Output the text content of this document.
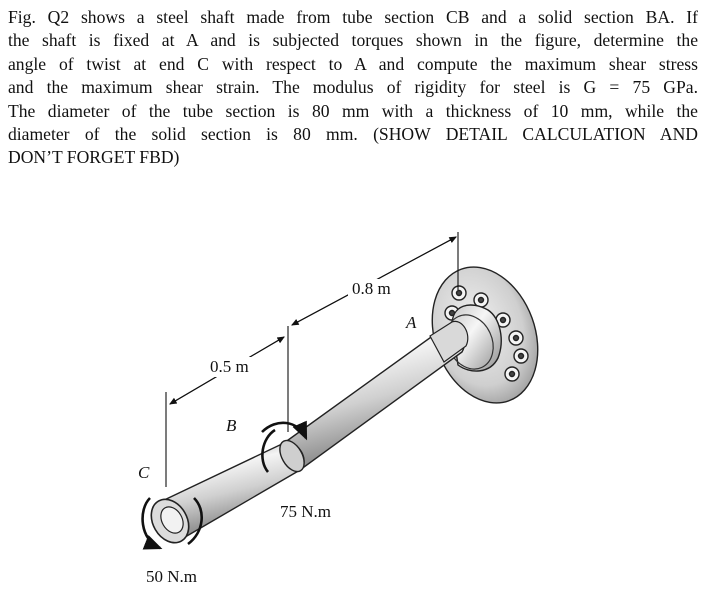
Fig. Q2 shows a steel shaft made from tube section CB and a solid section BA. If
the shaft is fixed at A and is subjected torques shown in the figure, determine the
angle of twist at end C with respect to A and compute the maximum shear stress
and the maximum shear strain. The modulus of rigidity for steel is G = 75 GPa.
The diameter of the tube section is 80 mm with a thickness of 10 mm, while the
diameter of the solid section is 80 mm. (SHOW DETAIL CALCULATION AND
DON’T FORGET FBD)
0.8 m
0.5 m
A
B
C
75 N.m
50 N.m
